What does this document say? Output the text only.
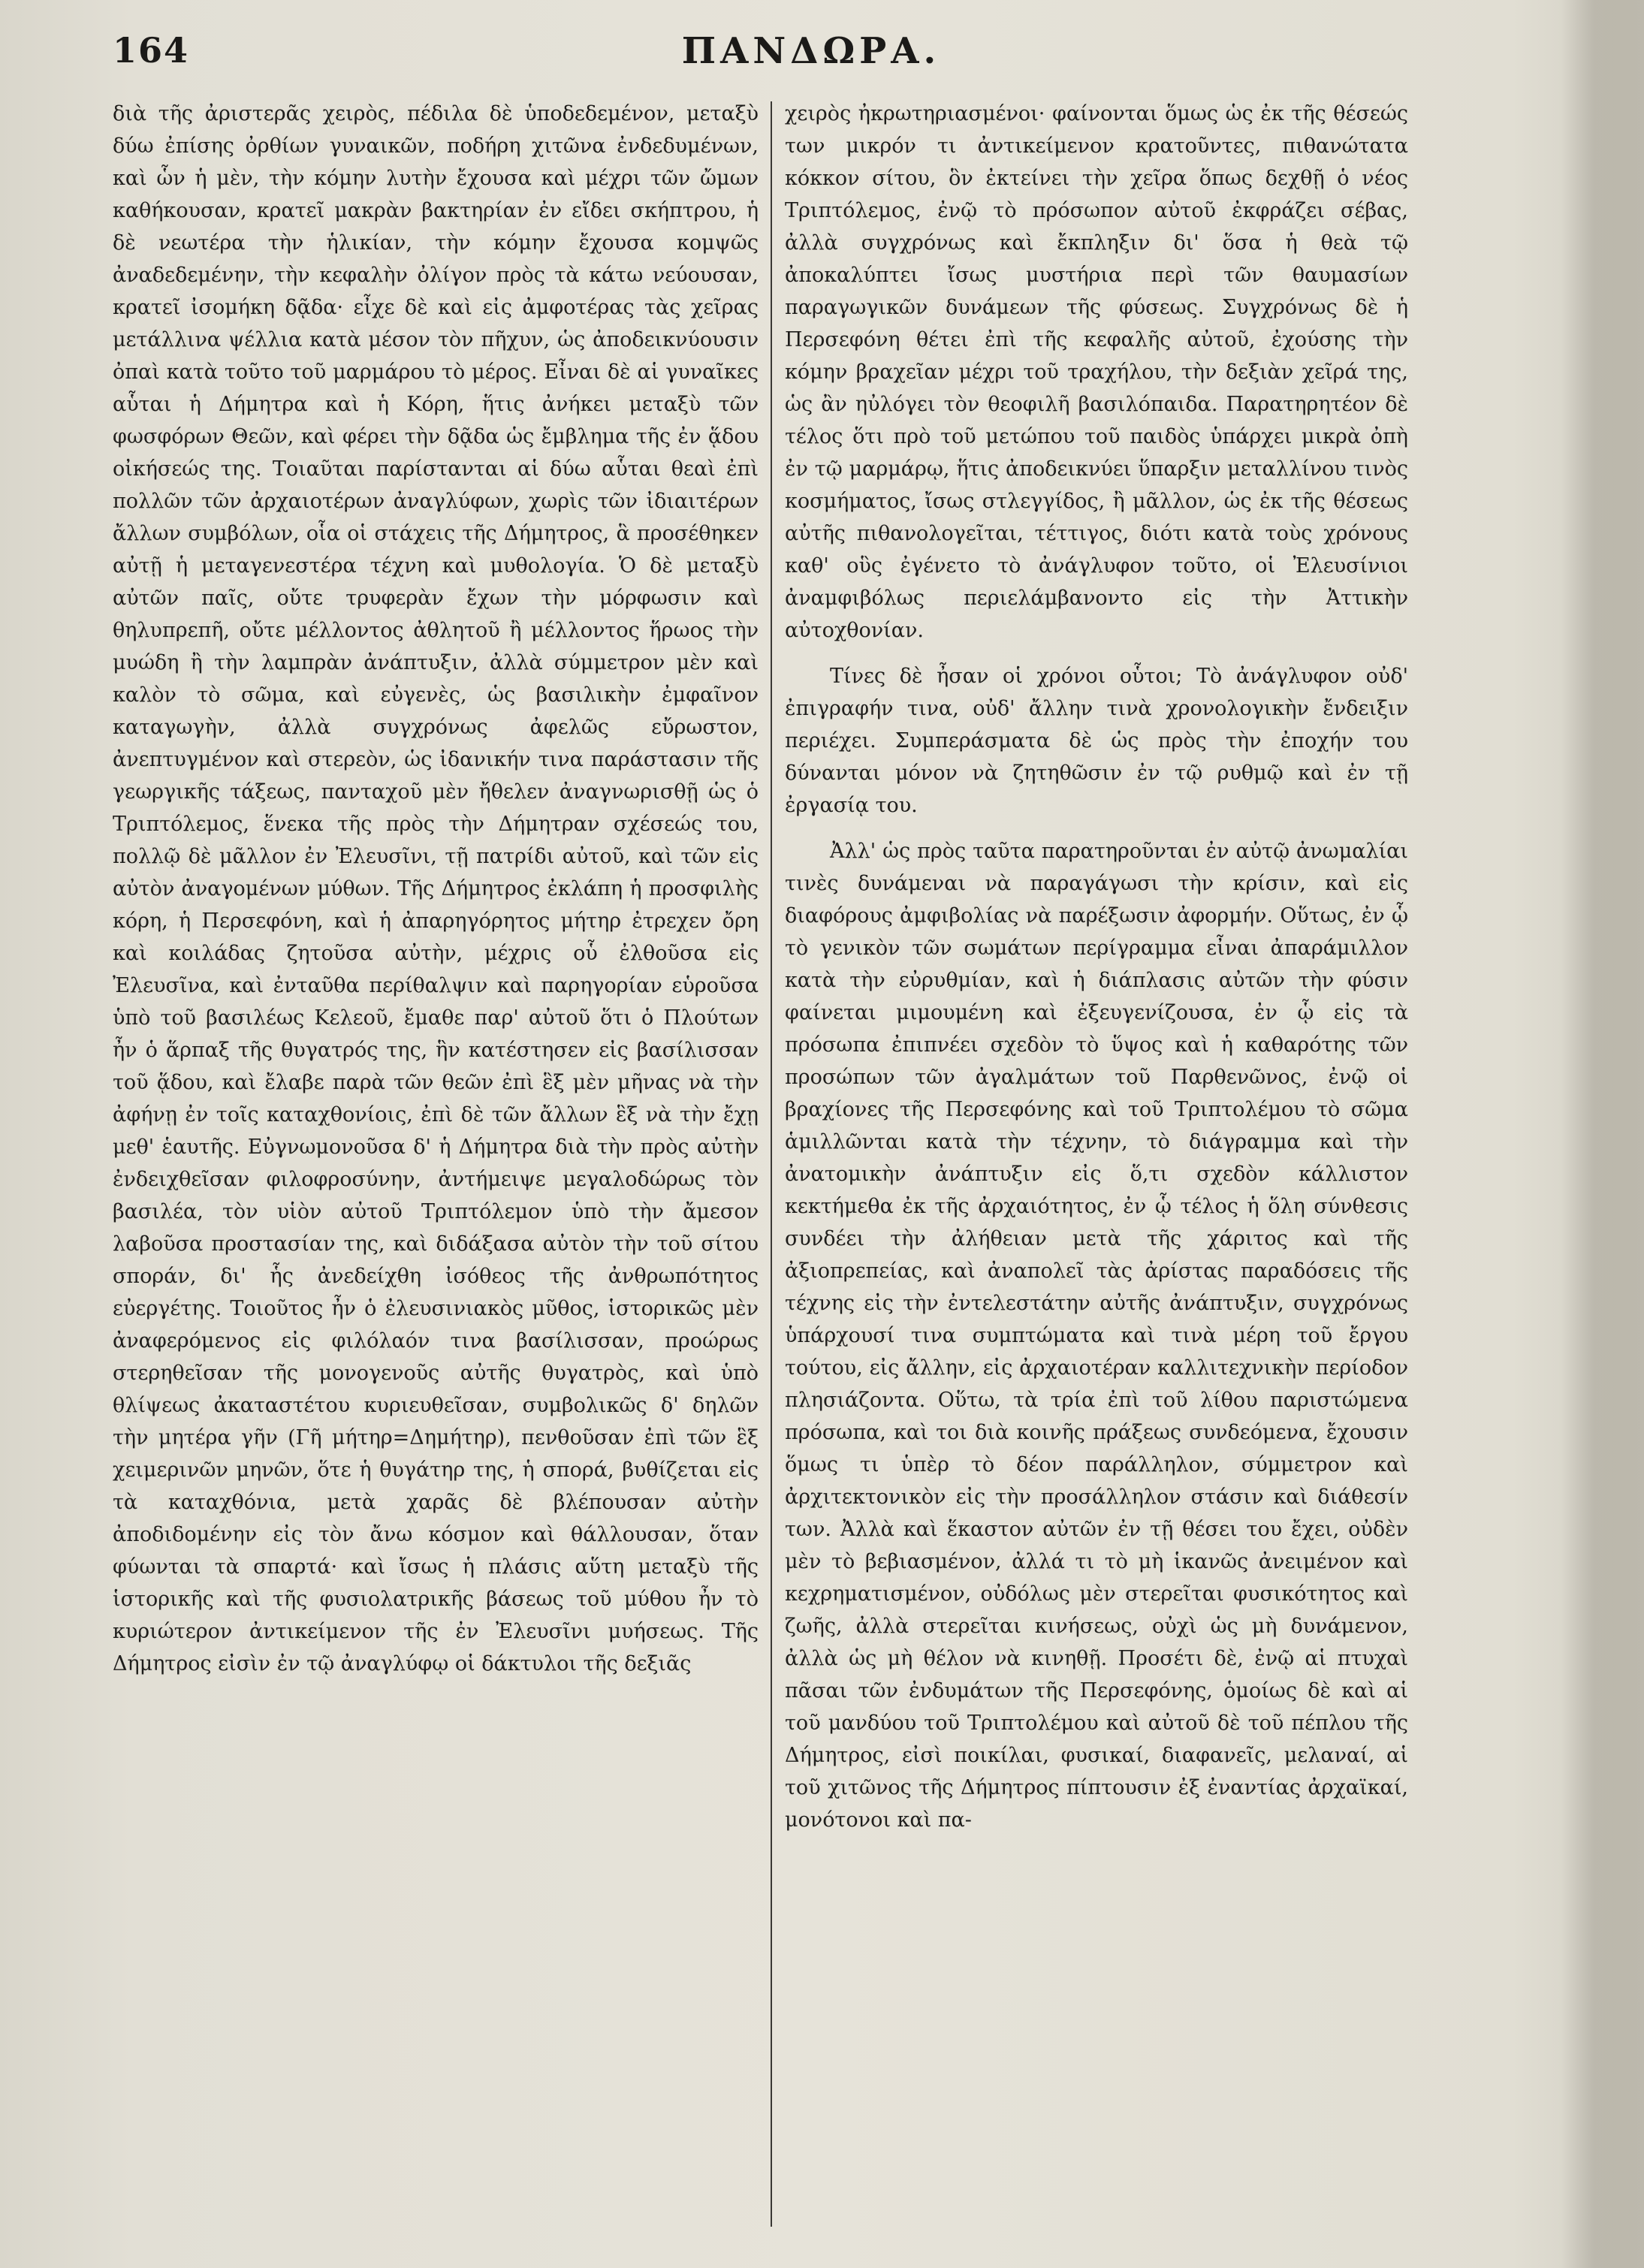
164	ΠΑΝΔΩΡΑ.

διὰ τῆς ἀριστερᾶς χειρὸς, πέδιλα δὲ ὑποδεδεμένον, μεταξὺ δύω ἐπίσης ὀρθίων γυναικῶν, ποδήρη χιτῶνα ἐνδεδυμένων, καὶ ὧν ἡ μὲν, τὴν κόμην λυτὴν ἔχουσα καὶ μέχρι τῶν ὤμων καθήκουσαν, κρατεῖ μακρὰν βακτηρίαν ἐν εἴδει σκήπτρου, ἡ δὲ νεωτέρα τὴν ἡλικίαν, τὴν κόμην ἔχουσα κομψῶς ἀναδεδεμένην, τὴν κεφαλὴν ὀλίγον πρὸς τὰ κάτω νεύουσαν, κρατεῖ ἰσομήκη δᾷδα· εἶχε δὲ καὶ εἰς ἀμφοτέρας τὰς χεῖρας μετάλλινα ψέλλια κατὰ μέσον τὸν πῆχυν, ὡς ἀποδεικνύουσιν ὀπαὶ κατὰ τοῦτο τοῦ μαρμάρου τὸ μέρος. Εἶναι δὲ αἱ γυναῖκες αὗται ἡ Δήμητρα καὶ ἡ Κόρη, ἥτις ἀνήκει μεταξὺ τῶν φωσφόρων Θεῶν, καὶ φέρει τὴν δᾷδα ὡς ἔμβλημα τῆς ἐν ᾅδου οἰκήσεώς της. Τοιαῦται παρίστανται αἱ δύω αὗται θεαὶ ἐπὶ πολλῶν τῶν ἀρχαιοτέρων ἀναγλύφων, χωρὶς τῶν ἰδιαιτέρων ἄλλων συμβόλων, οἷα οἱ στάχεις τῆς Δήμητρος, ἃ προσέθηκεν αὐτῇ ἡ μεταγενεστέρα τέχνη καὶ μυθολογία. Ὁ δὲ μεταξὺ αὐτῶν παῖς, οὔτε τρυφερὰν ἔχων τὴν μόρφωσιν καὶ θηλυπρεπῆ, οὔτε μέλλοντος ἀθλητοῦ ἢ μέλλοντος ἥρωος τὴν μυώδη ἢ τὴν λαμπρὰν ἀνάπτυξιν, ἀλλὰ σύμμετρον μὲν καὶ καλὸν τὸ σῶμα, καὶ εὐγενὲς, ὡς βασιλικὴν ἐμφαῖνον καταγωγὴν, ἀλλὰ συγχρόνως ἀφελῶς εὔρωστον, ἀνεπτυγμένον καὶ στερεὸν, ὡς ἰδανικήν τινα παράστασιν τῆς γεωργικῆς τάξεως, πανταχοῦ μὲν ἤθελεν ἀναγνωρισθῇ ὡς ὁ Τριπτόλεμος, ἕνεκα τῆς πρὸς τὴν Δήμητραν σχέσεώς του, πολλῷ δὲ μᾶλλον ἐν Ἐλευσῖνι, τῇ πατρίδι αὐτοῦ, καὶ τῶν εἰς αὐτὸν ἀναγομένων μύθων. Τῆς Δήμητρος ἐκλάπη ἡ προσφιλὴς κόρη, ἡ Περσεφόνη, καὶ ἡ ἀπαρηγόρητος μήτηρ ἐτρεχεν ὄρη καὶ κοιλάδας ζητοῦσα αὐτὴν, μέχρις οὗ ἐλθοῦσα εἰς Ἐλευσῖνα, καὶ ἐνταῦθα περίθαλψιν καὶ παρηγορίαν εὑροῦσα ὑπὸ τοῦ βασιλέως Κελεοῦ, ἔμαθε παρ' αὐτοῦ ὅτι ὁ Πλούτων ἦν ὁ ἅρπαξ τῆς θυγατρός της, ἣν κατέστησεν εἰς βασίλισσαν τοῦ ᾅδου, καὶ ἔλαβε παρὰ τῶν θεῶν ἐπὶ ἓξ μὲν μῆνας νὰ τὴν ἀφήνῃ ἐν τοῖς καταχθονίοις, ἐπὶ δὲ τῶν ἄλλων ἓξ νὰ τὴν ἔχῃ μεθ' ἑαυτῆς. Εὐγνωμονοῦσα δ' ἡ Δήμητρα διὰ τὴν πρὸς αὐτὴν ἐνδειχθεῖσαν φιλοφροσύνην, ἀντήμειψε μεγαλοδώρως τὸν βασιλέα, τὸν υἱὸν αὐτοῦ Τριπτόλεμον ὑπὸ τὴν ἄμεσον λαβοῦσα προστασίαν της, καὶ διδάξασα αὐτὸν τὴν τοῦ σίτου σποράν, δι' ἧς ἀνεδείχθη ἰσόθεος τῆς ἀνθρωπότητος εὐεργέτης. Τοιοῦτος ἦν ὁ ἐλευσινιακὸς μῦθος, ἱστορικῶς μὲν ἀναφερόμενος εἰς φιλόλαόν τινα βασίλισσαν, προώρως στερηθεῖσαν τῆς μονογενοῦς αὐτῆς θυγατρὸς, καὶ ὑπὸ θλίψεως ἀκαταστέτου κυριευθεῖσαν, συμβολικῶς δ' δηλῶν τὴν μητέρα γῆν (Γῆ μήτηρ=Δημήτηρ), πενθοῦσαν ἐπὶ τῶν ἓξ χειμερινῶν μηνῶν, ὅτε ἡ θυγάτηρ της, ἡ σπορά, βυθίζεται εἰς τὰ καταχθόνια, μετὰ χαρᾶς δὲ βλέπουσαν αὐτὴν ἀποδιδομένην εἰς τὸν ἄνω κόσμον καὶ θάλλουσαν, ὅταν φύωνται τὰ σπαρτά· καὶ ἴσως ἡ πλάσις αὕτη μεταξὺ τῆς ἱστορικῆς καὶ τῆς φυσιολατρικῆς βάσεως τοῦ μύθου ἦν τὸ κυριώτερον ἀντικείμενον τῆς ἐν Ἐλευσῖνι μυήσεως. Τῆς Δήμητρος εἰσὶν ἐν τῷ ἀναγλύφῳ οἱ δάκτυλοι τῆς δεξιᾶς

χειρὸς ἠκρωτηριασμένοι· φαίνονται ὅμως ὡς ἐκ τῆς θέσεώς των μικρόν τι ἀντικείμενον κρατοῦντες, πιθανώτατα κόκκον σίτου, ὃν ἐκτείνει τὴν χεῖρα ὅπως δεχθῇ ὁ νέος Τριπτόλεμος, ἐνῷ τὸ πρόσωπον αὐτοῦ ἐκφράζει σέβας, ἀλλὰ συγχρόνως καὶ ἔκπληξιν δι' ὅσα ἡ θεὰ τῷ ἀποκαλύπτει ἴσως μυστήρια περὶ τῶν θαυμασίων παραγωγικῶν δυνάμεων τῆς φύσεως. Συγχρόνως δὲ ἡ Περσεφόνη θέτει ἐπὶ τῆς κεφαλῆς αὐτοῦ, ἐχούσης τὴν κόμην βραχεῖαν μέχρι τοῦ τραχήλου, τὴν δεξιὰν χεῖρά της, ὡς ἂν ηὐλόγει τὸν θεοφιλῆ βασιλόπαιδα. Παρατηρητέον δὲ τέλος ὅτι πρὸ τοῦ μετώπου τοῦ παιδὸς ὑπάρχει μικρὰ ὀπὴ ἐν τῷ μαρμάρῳ, ἥτις ἀποδεικνύει ὕπαρξιν μεταλλίνου τινὸς κοσμήματος, ἴσως στλεγγίδος, ἢ μᾶλλον, ὡς ἐκ τῆς θέσεως αὐτῆς πιθανολογεῖται, τέττιγος, διότι κατὰ τοὺς χρόνους καθ' οὓς ἐγένετο τὸ ἀνάγλυφον τοῦτο, οἱ Ἐλευσίνιοι ἀναμφιβόλως περιελάμβανοντο εἰς τὴν Ἀττικὴν αὐτοχθονίαν.

Τίνες δὲ ἦσαν οἱ χρόνοι οὗτοι; Τὸ ἀνάγλυφον οὐδ' ἐπιγραφήν τινα, οὐδ' ἄλλην τινὰ χρονολογικὴν ἔνδειξιν περιέχει. Συμπεράσματα δὲ ὡς πρὸς τὴν ἐποχήν του δύνανται μόνον νὰ ζητηθῶσιν ἐν τῷ ρυθμῷ καὶ ἐν τῇ ἐργασίᾳ του.

Ἀλλ' ὡς πρὸς ταῦτα παρατηροῦνται ἐν αὐτῷ ἀνωμαλίαι τινὲς δυνάμεναι νὰ παραγάγωσι τὴν κρίσιν, καὶ εἰς διαφόρους ἀμφιβολίας νὰ παρέξωσιν ἀφορμήν. Οὕτως, ἐν ᾧ τὸ γενικὸν τῶν σωμάτων περίγραμμα εἶναι ἀπαράμιλλον κατὰ τὴν εὐρυθμίαν, καὶ ἡ διάπλασις αὐτῶν τὴν φύσιν φαίνεται μιμουμένη καὶ ἐξευγενίζουσα, ἐν ᾧ εἰς τὰ πρόσωπα ἐπιπνέει σχεδὸν τὸ ὕψος καὶ ἡ καθαρότης τῶν προσώπων τῶν ἀγαλμάτων τοῦ Παρθενῶνος, ἐνῷ οἱ βραχίονες τῆς Περσεφόνης καὶ τοῦ Τριπτολέμου τὸ σῶμα ἁμιλλῶνται κατὰ τὴν τέχνην, τὸ διάγραμμα καὶ τὴν ἀνατομικὴν ἀνάπτυξιν εἰς ὅ,τι σχεδὸν κάλλιστον κεκτήμεθα ἐκ τῆς ἀρχαιότητος, ἐν ᾧ τέλος ἡ ὅλη σύνθεσις συνδέει τὴν ἀλήθειαν μετὰ τῆς χάριτος καὶ τῆς ἀξιοπρεπείας, καὶ ἀναπολεῖ τὰς ἀρίστας παραδόσεις τῆς τέχνης εἰς τὴν ἐντελεστάτην αὐτῆς ἀνάπτυξιν, συγχρόνως ὑπάρχουσί τινα συμπτώματα καὶ τινὰ μέρη τοῦ ἔργου τούτου, εἰς ἄλλην, εἰς ἀρχαιοτέραν καλλιτεχνικὴν περίοδον πλησιάζοντα. Οὕτω, τὰ τρία ἐπὶ τοῦ λίθου παριστώμενα πρόσωπα, καὶ τοι διὰ κοινῆς πράξεως συνδεόμενα, ἔχουσιν ὅμως τι ὑπὲρ τὸ δέον παράλληλον, σύμμετρον καὶ ἀρχιτεκτονικὸν εἰς τὴν προσάλληλον στάσιν καὶ διάθεσίν των. Ἀλλὰ καὶ ἕκαστον αὐτῶν ἐν τῇ θέσει του ἔχει, οὐδὲν μὲν τὸ βεβιασμένον, ἀλλά τι τὸ μὴ ἱκανῶς ἀνειμένον καὶ κεχρηματισμένον, οὐδόλως μὲν στερεῖται φυσικότητος καὶ ζωῆς, ἀλλὰ στερεῖται κινήσεως, οὐχὶ ὡς μὴ δυνάμενον, ἀλλὰ ὡς μὴ θέλον νὰ κινηθῇ. Προσέτι δὲ, ἐνῷ αἱ πτυχαὶ πᾶσαι τῶν ἐνδυμάτων τῆς Περσεφόνης, ὁμοίως δὲ καὶ αἱ τοῦ μανδύου τοῦ Τριπτολέμου καὶ αὐτοῦ δὲ τοῦ πέπλου τῆς Δήμητρος, εἰσὶ ποικίλαι, φυσικαί, διαφανεῖς, μελαναί, αἱ τοῦ χιτῶνος τῆς Δήμητρος πίπτουσιν ἐξ ἐναντίας ἀρχαϊκαί, μονότονοι καὶ πα-
